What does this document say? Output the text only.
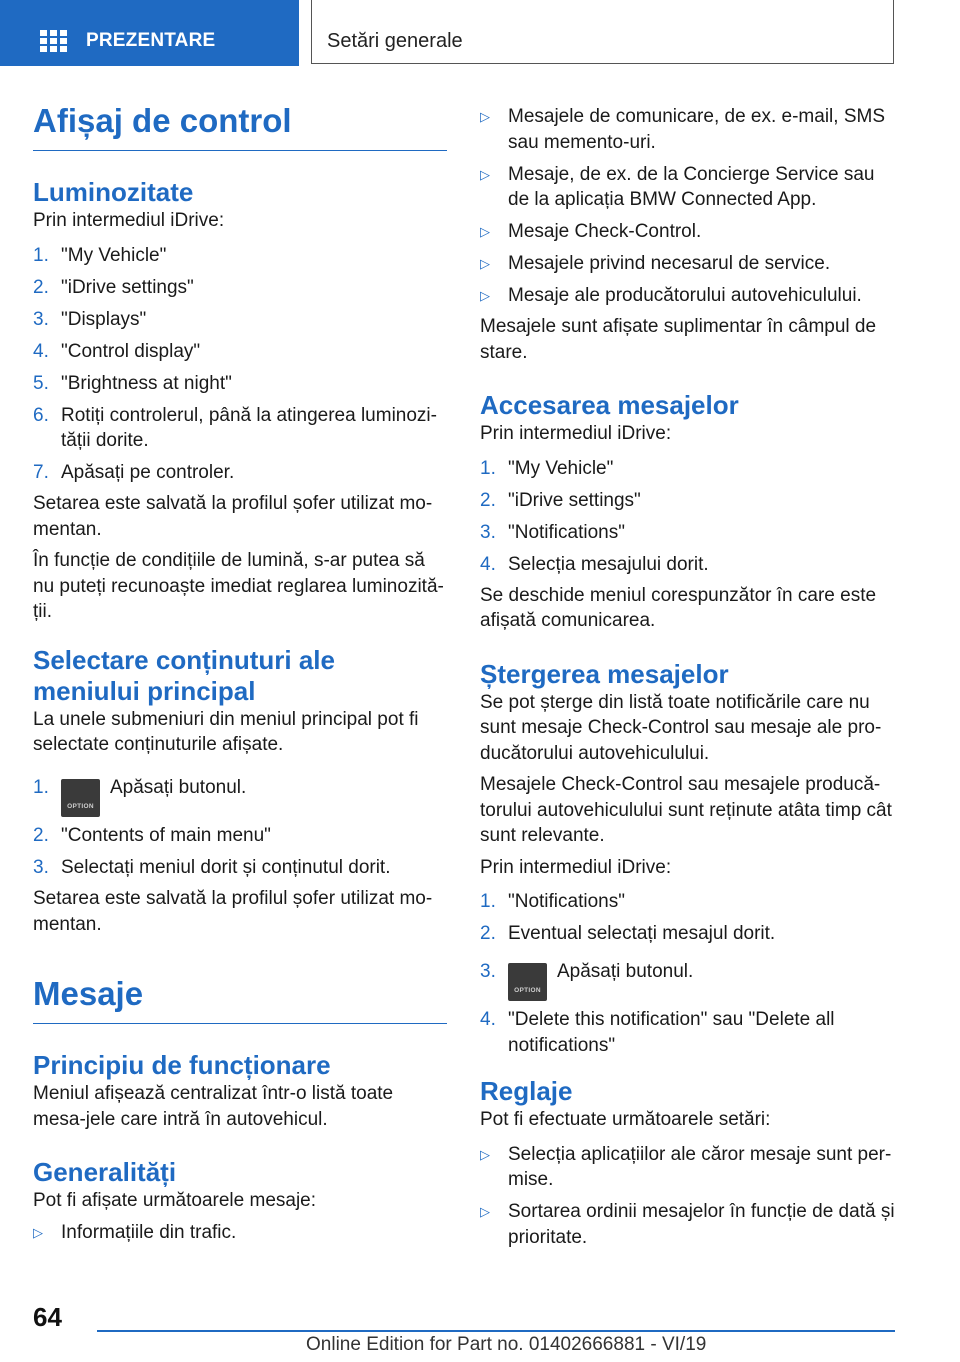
PREZENTARE	Setări generale
Afișaj de control
Luminozitate

Prin intermediul iDrive:

1. "My Vehicle"
2. "iDrive settings"
3. "Displays"
4. "Control display"
5. "Brightness at night"
6. Rotiți controlerul, până la atingerea luminozi-tății dorite.
7. Apăsați pe controler.

Setarea este salvată la profilul șofer utilizat mo-mentan.

În funcție de condițiile de lumină, s-ar putea să nu puteți recunoaște imediat reglarea luminozită-ții.

Selectare conținuturi ale meniului principal

La unele submeniuri din meniul principal pot fi selectate conținuturile afișate.

1.
OPTION
Apăsați butonul.
2. "Contents of main menu"
3. Selectați meniul dorit și conținutul dorit.

Setarea este salvată la profilul șofer utilizat mo-mentan.

Mesaje
Principiu de funcționare

Meniul afișează centralizat într-o listă toate mesa-jele care intră în autovehicul.

Generalități

Pot fi afișate următoarele mesaje:

▷ Informațiile din trafic.
▷ Mesajele de comunicare, de ex. e-mail, SMS sau memento-uri.
▷ Mesaje, de ex. de la Concierge Service sau de la aplicația BMW Connected App.
▷ Mesaje Check-Control.
▷ Mesajele privind necesarul de service.
▷ Mesaje ale producătorului autovehiculului.

Mesajele sunt afișate suplimentar în câmpul de stare.

Accesarea mesajelor

Prin intermediul iDrive:

1. "My Vehicle"
2. "iDrive settings"
3. "Notifications"
4. Selecția mesajului dorit.

Se deschide meniul corespunzător în care este afișată comunicarea.

Ștergerea mesajelor

Se pot șterge din listă toate notificările care nu sunt mesaje Check-Control sau mesaje ale pro-ducătorului autovehiculului.

Mesajele Check-Control sau mesajele producă-torului autovehiculului sunt reținute atâta timp cât sunt relevante.

Prin intermediul iDrive:

1. "Notifications"
2. Eventual selectați mesajul dorit.
3.
OPTION
Apăsați butonul.
4. "Delete this notification" sau "Delete all notifications"
Reglaje

Pot fi efectuate următoarele setări:

▷ Selecția aplicațiilor ale căror mesaje sunt per-mise.
▷ Sortarea ordinii mesajelor în funcție de dată și prioritate.
64
Online Edition for Part no. 01402666881 - VI/19
